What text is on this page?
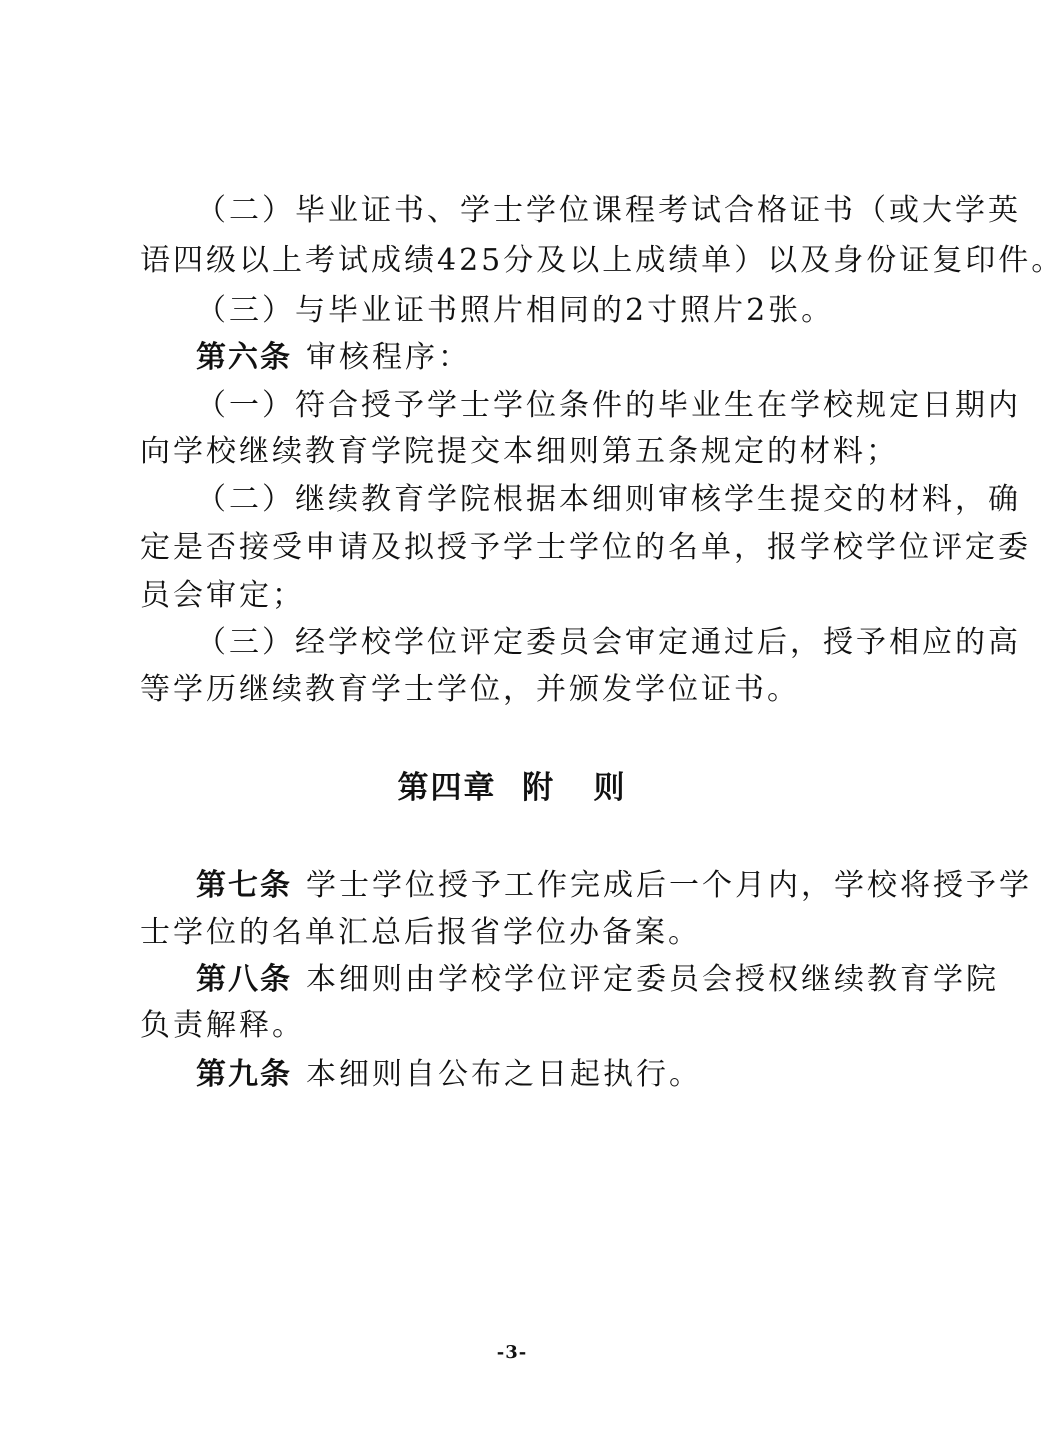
（二）毕业证书、学士学位课程考试合格证书（或大学英
语四级以上考试成绩425分及以上成绩单）以及身份证复印件。
（三）与毕业证书照片相同的2寸照片2张。
第六条 审核程序：
（一）符合授予学士学位条件的毕业生在学校规定日期内
向学校继续教育学院提交本细则第五条规定的材料；
（二）继续教育学院根据本细则审核学生提交的材料，确
定是否接受申请及拟授予学士学位的名单，报学校学位评定委
员会审定；
（三）经学校学位评定委员会审定通过后，授予相应的高
等学历继续教育学士学位，并颁发学位证书。
第四章  附   则
第七条 学士学位授予工作完成后一个月内，学校将授予学
士学位的名单汇总后报省学位办备案。
第八条 本细则由学校学位评定委员会授权继续教育学院
负责解释。
第九条 本细则自公布之日起执行。
-3-
